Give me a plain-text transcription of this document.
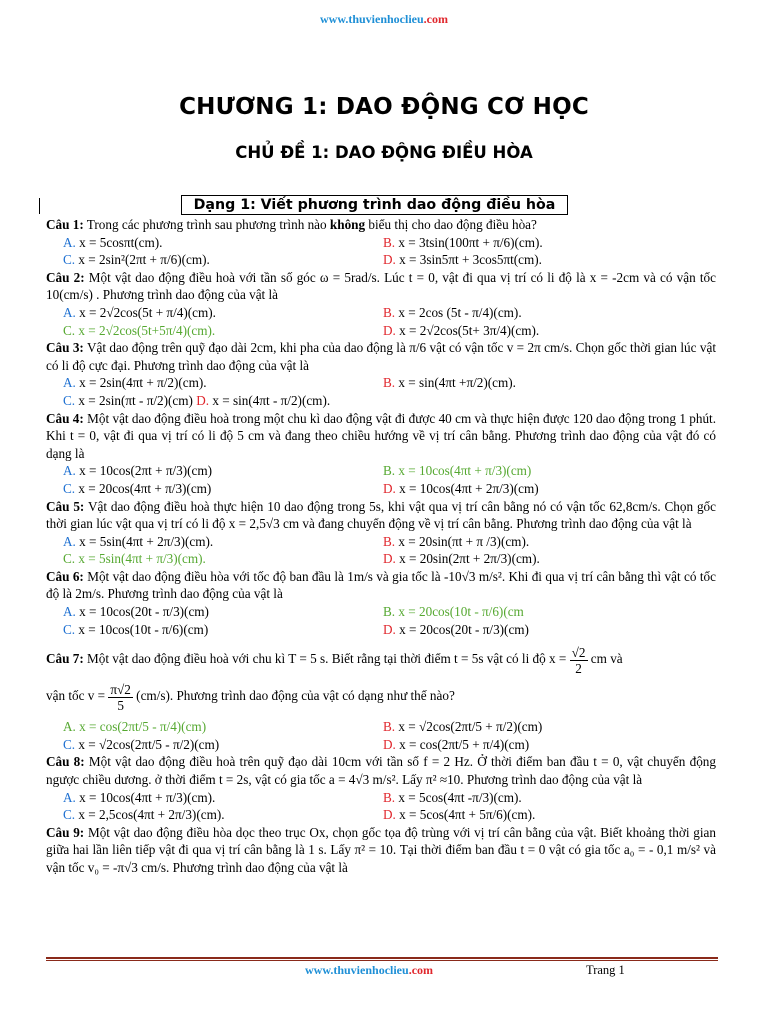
www.thuvienhoclieu.com
CHƯƠNG 1: DAO ĐỘNG CƠ HỌC
CHỦ ĐỀ 1: DAO ĐỘNG ĐIỀU HÒA
Dạng 1: Viết phương trình dao động điều hòa
Câu 1: Trong các phương trình sau phương trình nào không biểu thị cho dao động điều hòa?
A. x = 5cosπt(cm).	B. x = 3tsin(100πt + π/6)(cm).
C. x = 2sin²(2πt + π/6)(cm).	D. x = 3sin5πt + 3cos5πt(cm).
Câu 2: Một vật dao động điều hoà với tần số góc ω = 5rad/s. Lúc t = 0, vật đi qua vị trí có li độ là x = -2cm và có vận tốc 10(cm/s) . Phương trình dao động của vật là
A. x = 2√2cos(5t + π/4)(cm).	B. x = 2cos (5t - π/4)(cm).
C. x = 2√2cos(5t+5π/4)(cm).	D. x = 2√2cos(5t+ 3π/4)(cm).
Câu 3: Vật dao động trên quỹ đạo dài 2cm, khi pha của dao động là π/6 vật có vận tốc v = 2π cm/s. Chọn gốc thời gian lúc vật có li độ cực đại. Phương trình dao động của vật là
A. x = 2sin(4πt + π/2)(cm).	B. x = sin(4πt +π/2)(cm).
C. x = 2sin(πt - π/2)(cm) D. x = sin(4πt - π/2)(cm).
Câu 4: Một vật dao động điều hoà trong một chu kì dao động vật đi được 40 cm và thực hiện được 120 dao động trong 1 phút. Khi t = 0, vật đi qua vị trí có li độ 5 cm và đang theo chiều hướng về vị trí cân bằng. Phương trình dao động của vật đó có dạng là
A. x = 10cos(2πt + π/3)(cm)	B. x = 10cos(4πt + π/3)(cm)
C. x = 20cos(4πt + π/3)(cm)	D. x = 10cos(4πt + 2π/3)(cm)
Câu 5: Vật dao động điều hoà thực hiện 10 dao động trong 5s, khi vật qua vị trí cân bằng nó có vận tốc 62,8cm/s. Chọn gốc thời gian lúc vật qua vị trí có li độ x = 2,5√3 cm và đang chuyển động về vị trí cân bằng. Phương trình dao động của vật là
A. x = 5sin(4πt + 2π/3)(cm).	B. x = 20sin(πt + π /3)(cm).
C. x = 5sin(4πt + π/3)(cm).	D. x = 20sin(2πt + 2π/3)(cm).
Câu 6: Một vật dao động điều hòa với tốc độ ban đầu là 1m/s và gia tốc là -10√3 m/s². Khi đi qua vị trí cân bằng thì vật có tốc độ là 2m/s. Phương trình dao động của vật là
A. x = 10cos(20t - π/3)(cm)	B. x = 20cos(10t - π/6)(cm
C. x = 10cos(10t - π/6)(cm)	D. x = 20cos(20t - π/3)(cm)
Câu 7: Một vật dao động điều hoà với chu kì T = 5 s. Biết rằng tại thời điểm t = 5s vật có li độ $x = \frac{√2}{2}$ cm và
vận tốc $v = \frac{\pi√2}{5} (cm/s)$. Phương trình dao động của vật có dạng như thế nào?
A. x = cos(2πt/5 - π/4)(cm)	B. x = √2cos(2πt/5 + π/2)(cm)
C. x = √2cos(2πt/5 - π/2)(cm)	D. x = cos(2πt/5 + π/4)(cm)
Câu 8: Một vật dao động điều hoà trên quỹ đạo dài 10cm với tần số f = 2 Hz. Ở thời điểm ban đầu t = 0, vật chuyển động ngược chiều dương. ở thời điểm t = 2s, vật có gia tốc a = 4√3 m/s². Lấy π² ≈10. Phương trình dao động của vật là
A. x = 10cos(4πt + π/3)(cm).	B. x = 5cos(4πt -π/3)(cm).
C. x = 2,5cos(4πt + 2π/3)(cm).	D. x = 5cos(4πt + 5π/6)(cm).
Câu 9: Một vật dao động điều hòa dọc theo trục Ox, chọn gốc tọa độ trùng với vị trí cân bằng của vật. Biết khoảng thời gian giữa hai lần liên tiếp vật đi qua vị trí cân bằng là 1 s. Lấy π² = 10. Tại thời điểm ban đầu t = 0 vật có gia tốc a₀ = - 0,1 m/s² và vận tốc v₀ = -π√3 cm/s. Phương trình dao động của vật là
www.thuvienhoclieu.com	Trang 1
